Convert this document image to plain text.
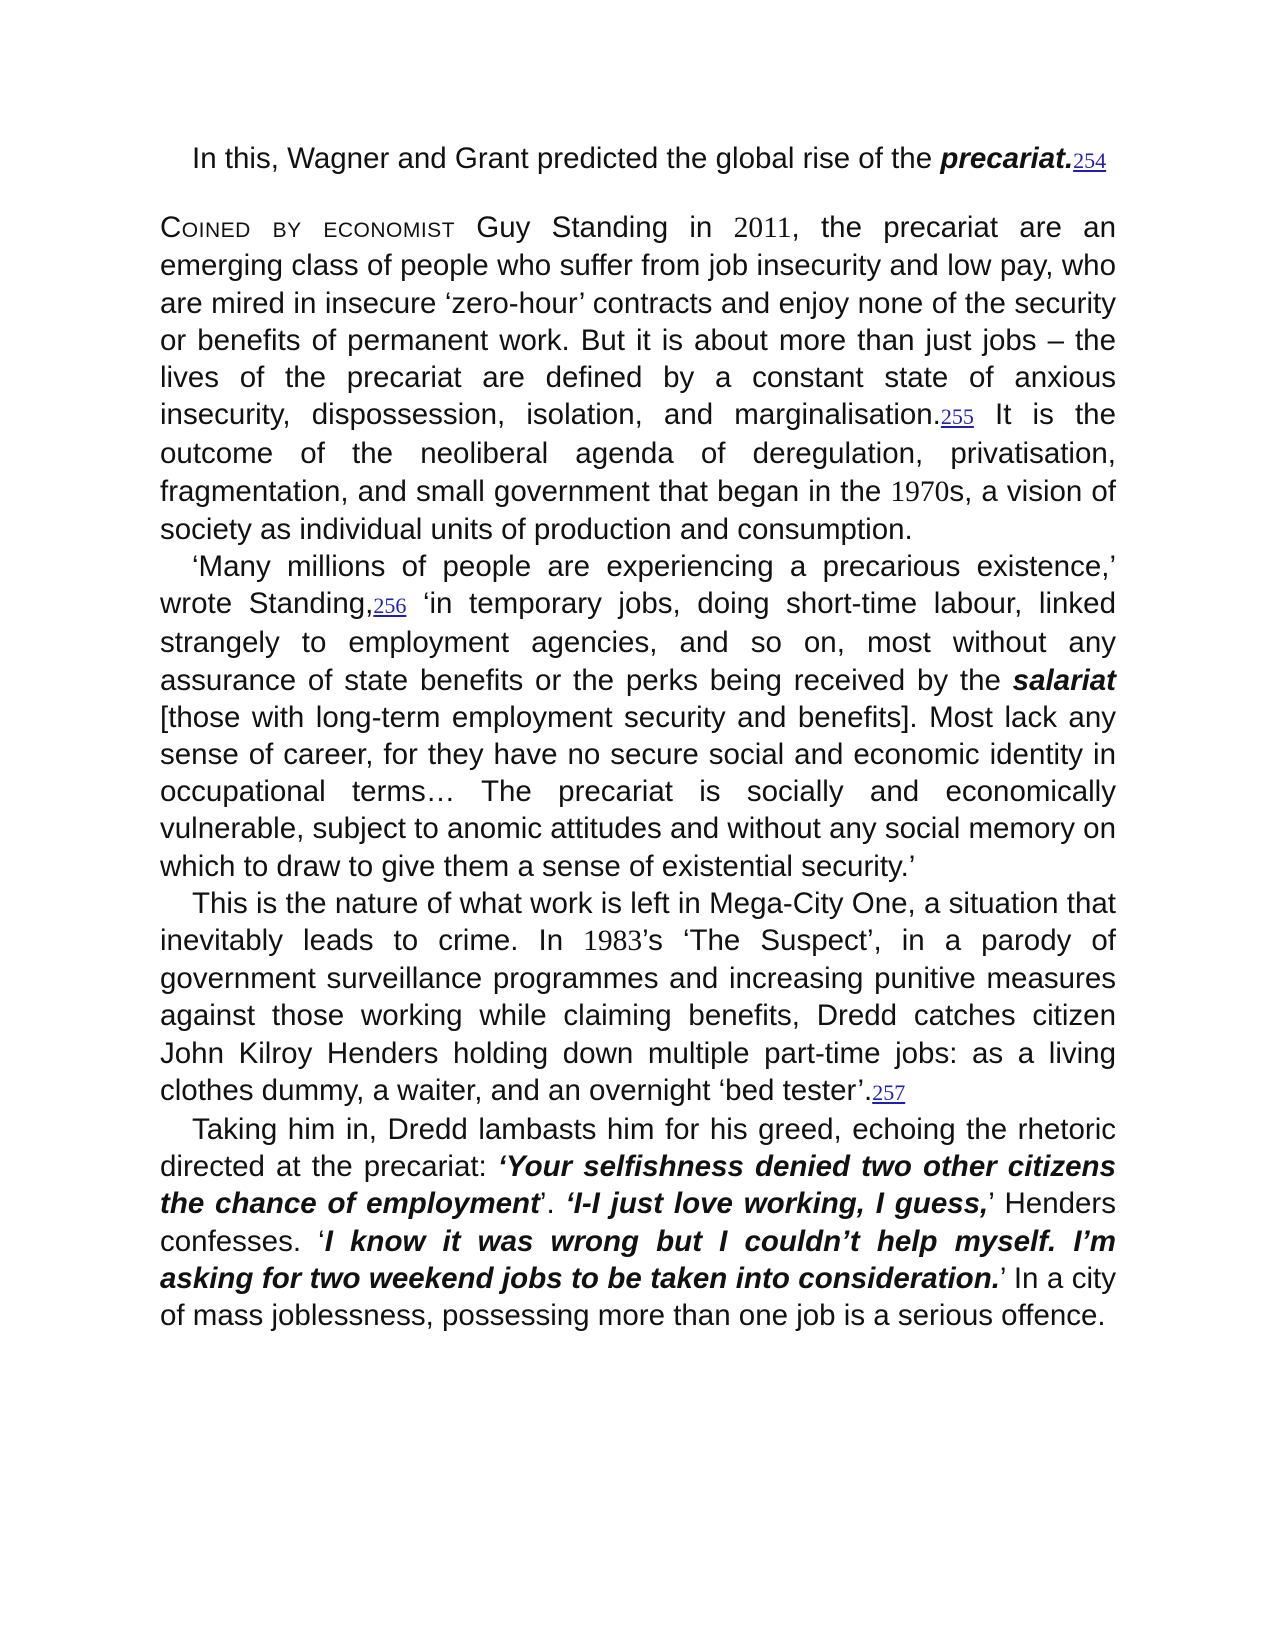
In this, Wagner and Grant predicted the global rise of the precariat.254

Coined by economist Guy Standing in 2011, the precariat are an emerging class of people who suffer from job insecurity and low pay, who are mired in insecure ‘zero-hour’ contracts and enjoy none of the security or benefits of permanent work. But it is about more than just jobs – the lives of the precariat are defined by a constant state of anxious insecurity, dispossession, isolation, and marginalisation.255 It is the outcome of the neoliberal agenda of deregulation, privatisation, fragmentation, and small government that began in the 1970s, a vision of society as individual units of production and consumption.

‘Many millions of people are experiencing a precarious existence,’ wrote Standing,256 ‘in temporary jobs, doing short-time labour, linked strangely to employment agencies, and so on, most without any assurance of state benefits or the perks being received by the salariat [those with long-term employment security and benefits]. Most lack any sense of career, for they have no secure social and economic identity in occupational terms… The precariat is socially and economically vulnerable, subject to anomic attitudes and without any social memory on which to draw to give them a sense of existential security.’

This is the nature of what work is left in Mega-City One, a situation that inevitably leads to crime. In 1983’s ‘The Suspect’, in a parody of government surveillance programmes and increasing punitive measures against those working while claiming benefits, Dredd catches citizen John Kilroy Henders holding down multiple part-time jobs: as a living clothes dummy, a waiter, and an overnight ‘bed tester’.257

Taking him in, Dredd lambasts him for his greed, echoing the rhetoric directed at the precariat: ‘Your selfishness denied two other citizens the chance of employment’. ‘I-I just love working, I guess,’ Henders confesses. ‘I know it was wrong but I couldn’t help myself. I’m asking for two weekend jobs to be taken into consideration.’ In a city of mass joblessness, possessing more than one job is a serious offence.
